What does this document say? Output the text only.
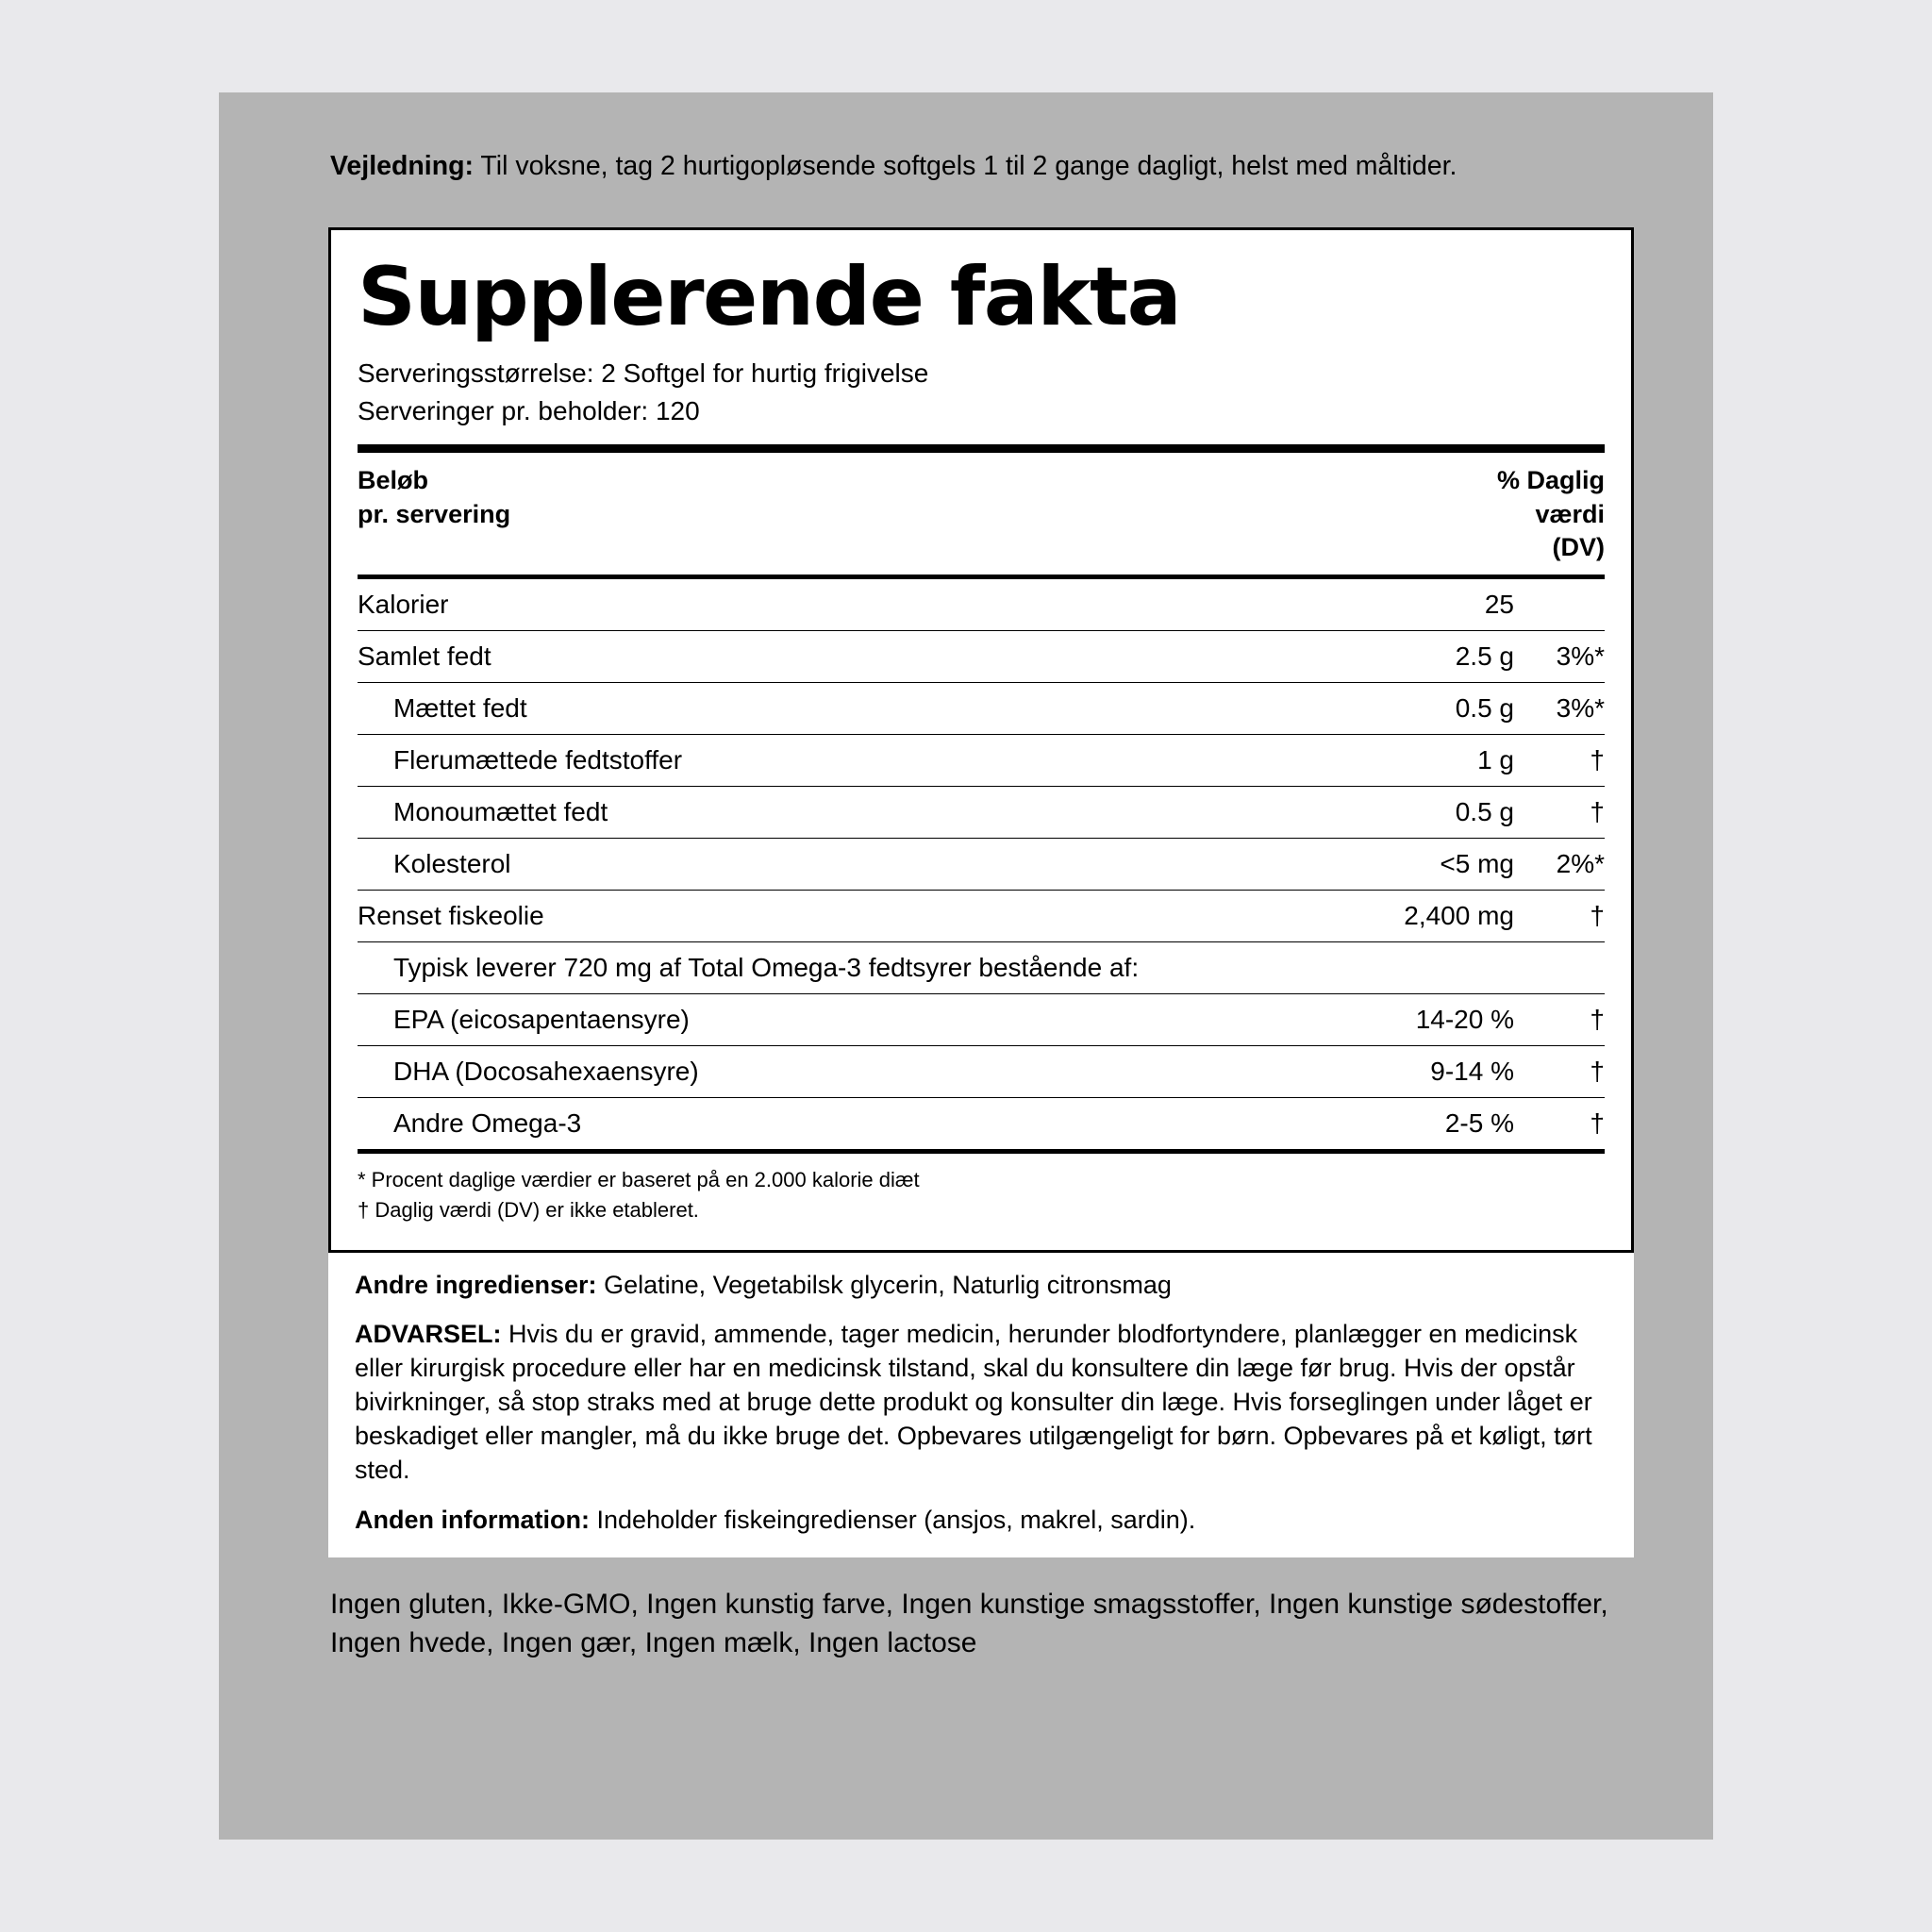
Vejledning: Til voksne, tag 2 hurtigopløsende softgels 1 til 2 gange dagligt, helst med måltider.

Supplerende fakta
Serveringsstørrelse: 2 Softgel for hurtig frigivelse
Serveringer pr. beholder: 120
Beløb
pr. servering
% Daglig
værdi
(DV)
Kalorier	25	
Samlet fedt	2.5 g	3%*
Mættet fedt	0.5 g	3%*
Flerumættede fedtstoffer	1 g	†
Monoumættet fedt	0.5 g	†
Kolesterol	<5 mg	2%*
Renset fiskeolie	2,400 mg	†
Typisk leverer 720 mg af Total Omega-3 fedtsyrer bestående af:		
EPA (eicosapentaensyre)	14-20 %	†
DHA (Docosahexaensyre)	9-14 %	†
Andre Omega-3	2-5 %	†
* Procent daglige værdier er baseret på en 2.000 kalorie diæt
† Daglig værdi (DV) er ikke etableret.

Andre ingredienser: Gelatine, Vegetabilsk glycerin, Naturlig citronsmag

ADVARSEL: Hvis du er gravid, ammende, tager medicin, herunder blodfortyndere, planlægger en medicinsk eller kirurgisk procedure eller har en medicinsk tilstand, skal du konsultere din læge før brug. Hvis der opstår bivirkninger, så stop straks med at bruge dette produkt og konsulter din læge. Hvis forseglingen under låget er beskadiget eller mangler, må du ikke bruge det. Opbevares utilgængeligt for børn. Opbevares på et køligt, tørt sted.

Anden information: Indeholder fiskeingredienser (ansjos, makrel, sardin).

Ingen gluten, Ikke-GMO, Ingen kunstig farve, Ingen kunstige smagsstoffer, Ingen kunstige sødestoffer, Ingen hvede, Ingen gær, Ingen mælk, Ingen lactose
